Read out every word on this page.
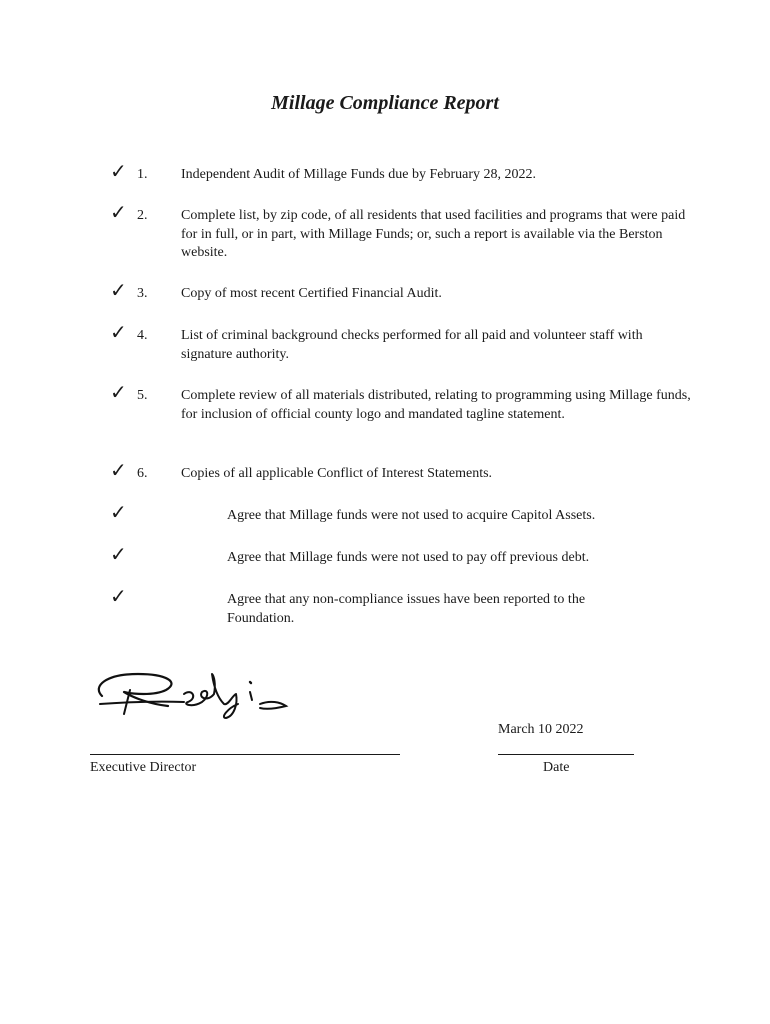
Millage Compliance Report
✓ 1. Independent Audit of Millage Funds due by February 28, 2022.
✓ 2. Complete list, by zip code, of all residents that used facilities and programs that were paid for in full, or in part, with Millage Funds; or, such a report is available via the Berston website.
✓ 3. Copy of most recent Certified Financial Audit.
✓ 4. List of criminal background checks performed for all paid and volunteer staff with signature authority.
✓ 5. Complete review of all materials distributed, relating to programming using Millage funds, for inclusion of official county logo and mandated tagline statement.
✓ 6. Copies of all applicable Conflict of Interest Statements.
✓	Agree that Millage funds were not used to acquire Capitol Assets.
✓	Agree that Millage funds were not used to pay off previous debt.
✓	Agree that any non-compliance issues have been reported to the Foundation.
March 10 2022
Executive Director	Date
